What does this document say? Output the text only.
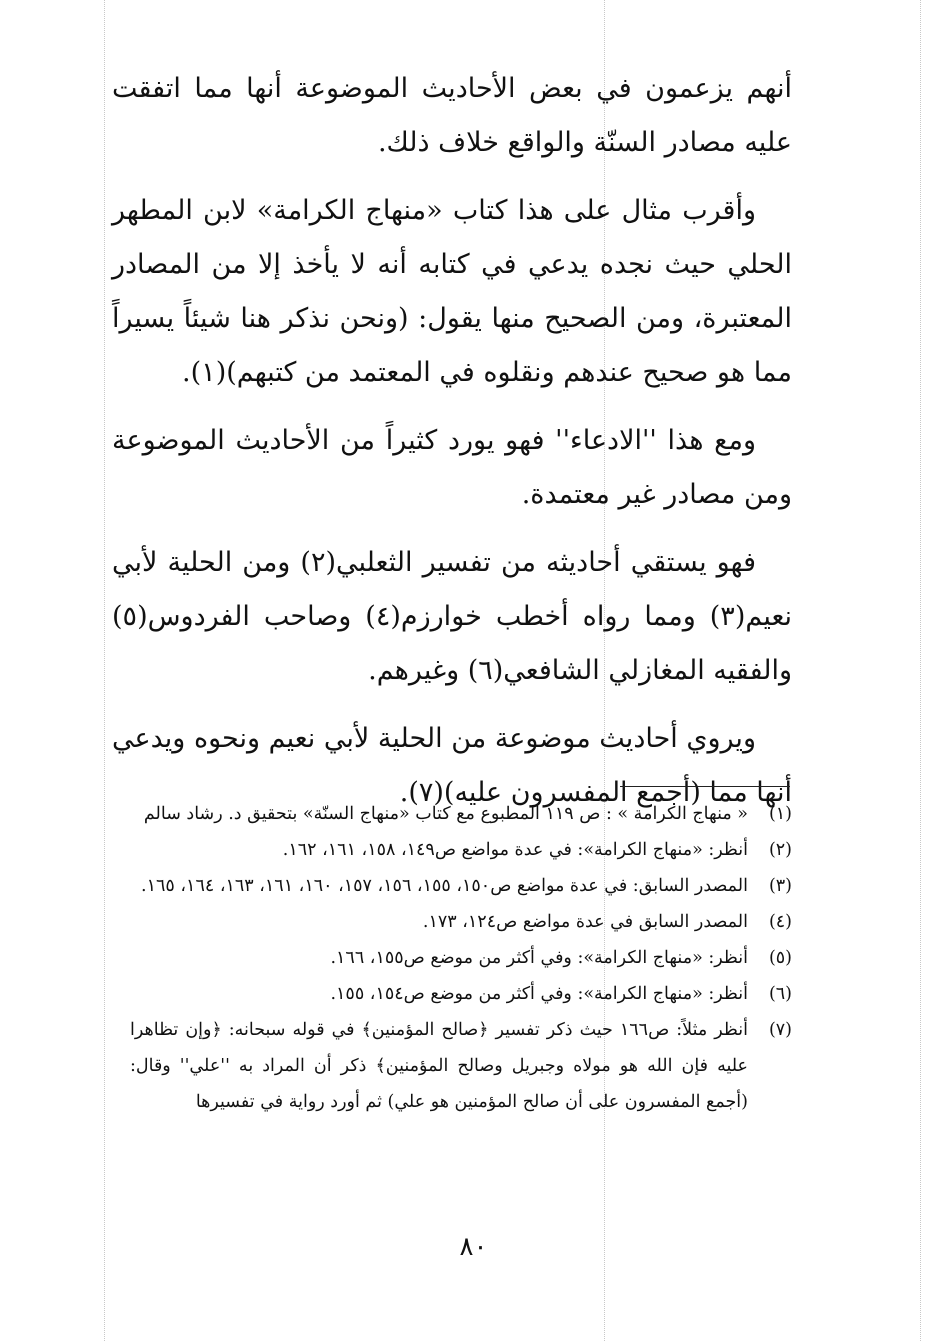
أنهم يزعمون في بعض الأحاديث الموضوعة أنها مما اتفقت عليه مصادر السنّة والواقع خلاف ذلك.

وأقرب مثال على هذا كتاب «منهاج الكرامة» لابن المطهر الحلي حيث نجده يدعي في كتابه أنه لا يأخذ إلا من المصادر المعتبرة، ومن الصحيح منها يقول: (ونحن نذكر هنا شيئاً يسيراً مما هو صحيح عندهم ونقلوه في المعتمد من كتبهم)(١).

ومع هذا ''الادعاء'' فهو يورد كثيراً من الأحاديث الموضوعة ومن مصادر غير معتمدة.

فهو يستقي أحاديثه من تفسير الثعلبي(٢) ومن الحلية لأبي نعيم(٣) ومما رواه أخطب خوارزم(٤) وصاحب الفردوس(٥) والفقيه المغازلي الشافعي(٦) وغيرهم.

ويروي أحاديث موضوعة من الحلية لأبي نعيم ونحوه ويدعي أنها مما (أجمع المفسرون عليه)(٧).

(١)
« منهاج الكرامة » : ص ١١٩ المطبوع مع كتاب «منهاج السنّة» بتحقيق د. رشاد سالم
(٢)
أنظر: «منهاج الكرامة»: في عدة مواضع ص١٤٩، ١٥٨، ١٦١، ١٦٢.
(٣)
المصدر السابق: في عدة مواضع ص١٥٠، ١٥٥، ١٥٦، ١٥٧، ١٦٠، ١٦١، ١٦٣، ١٦٤، ١٦٥.
(٤)
المصدر السابق في عدة مواضع ص١٢٤، ١٧٣.
(٥)
أنظر: «منهاج الكرامة»: وفي أكثر من موضع ص١٥٥، ١٦٦.
(٦)
أنظر: «منهاج الكرامة»: وفي أكثر من موضع ص١٥٤، ١٥٥.
(٧)
أنظر مثلاً: ص١٦٦ حيث ذكر تفسير ﴿صالح المؤمنين﴾ في قوله سبحانه: ﴿وإن تظاهرا عليه فإن الله هو مولاه وجبريل وصالح المؤمنين﴾ ذكر أن المراد به ''علي'' وقال: (أجمع المفسرون على أن صالح المؤمنين هو علي) ثم أورد رواية في تفسيرها
٨٠
